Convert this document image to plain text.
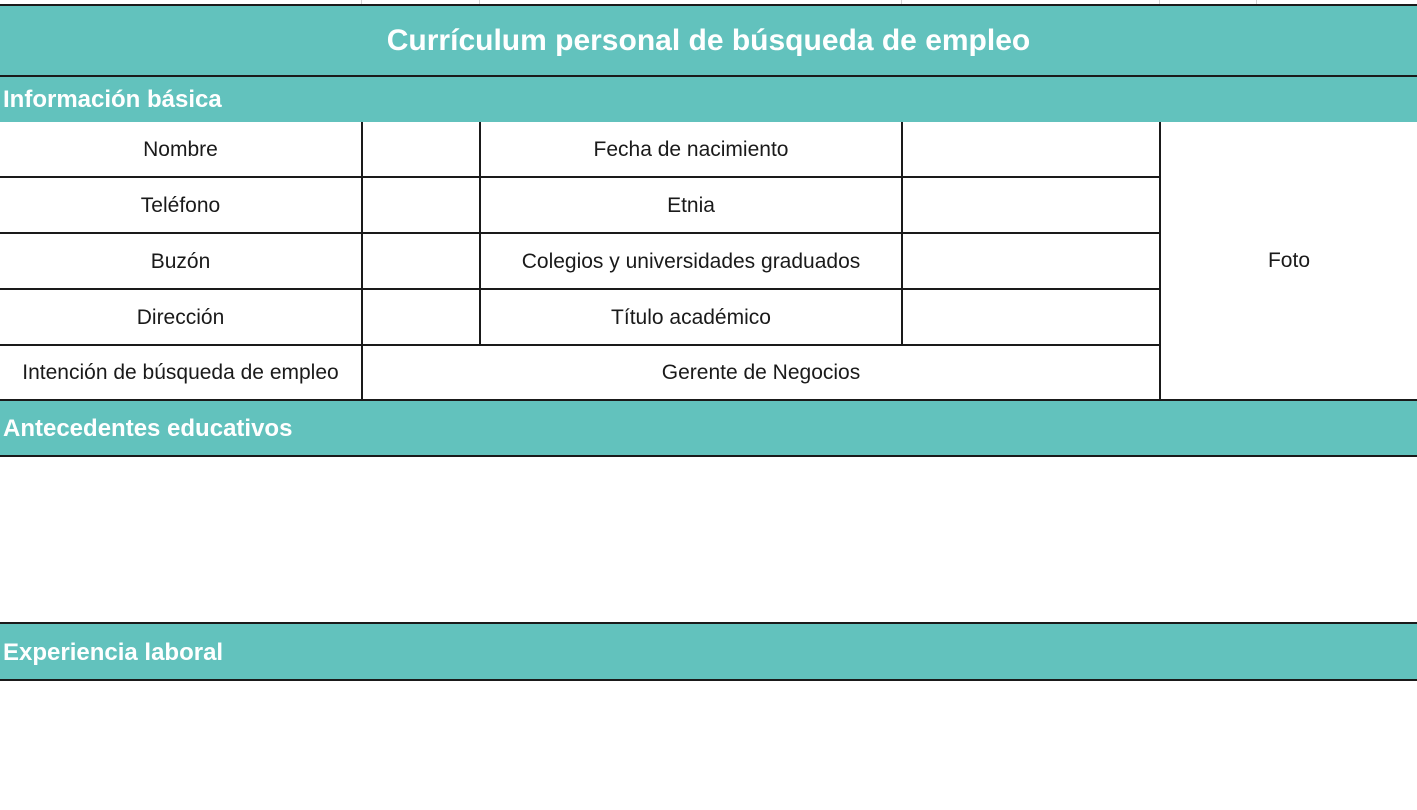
Currículum personal de búsqueda de empleo
Información básica
Nombre
Teléfono
Buzón
Dirección
Intención de búsqueda de empleo
Fecha de nacimiento
Etnia
Colegios y universidades graduados
Título académico
Gerente de Negocios
Foto
Antecedentes educativos
Experiencia laboral
